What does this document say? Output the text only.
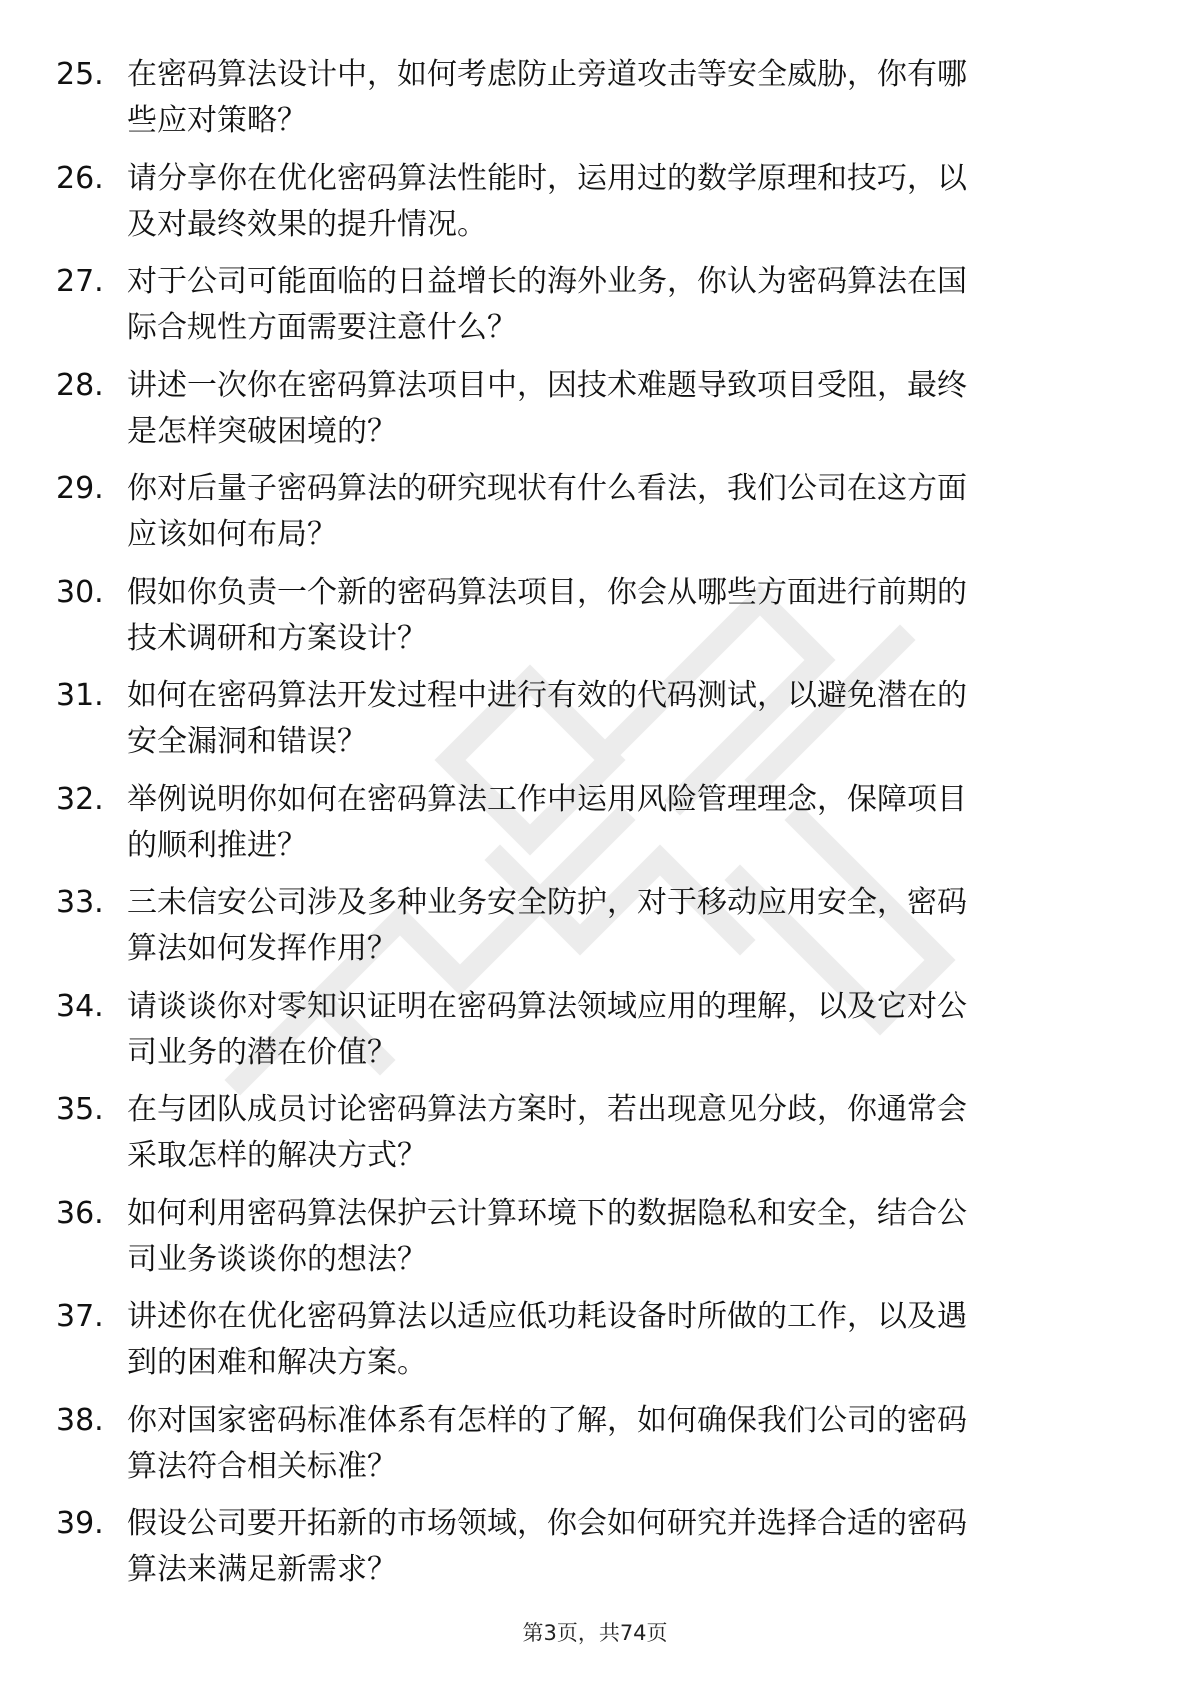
25. 在密码算法设计中，如何考虑防止旁道攻击等安全威胁，你有哪
些应对策略？
26. 请分享你在优化密码算法性能时，运用过的数学原理和技巧，以
及对最终效果的提升情况。
27. 对于公司可能面临的日益增长的海外业务，你认为密码算法在国
际合规性方面需要注意什么？
28. 讲述一次你在密码算法项目中，因技术难题导致项目受阻，最终
是怎样突破困境的？
29. 你对后量子密码算法的研究现状有什么看法，我们公司在这方面
应该如何布局？
30. 假如你负责一个新的密码算法项目，你会从哪些方面进行前期的
技术调研和方案设计？
31. 如何在密码算法开发过程中进行有效的代码测试，以避免潜在的
安全漏洞和错误？
32. 举例说明你如何在密码算法工作中运用风险管理理念，保障项目
的顺利推进？
33. 三未信安公司涉及多种业务安全防护，对于移动应用安全，密码
算法如何发挥作用？
34. 请谈谈你对零知识证明在密码算法领域应用的理解，以及它对公
司业务的潜在价值？
35. 在与团队成员讨论密码算法方案时，若出现意见分歧，你通常会
采取怎样的解决方式？
36. 如何利用密码算法保护云计算环境下的数据隐私和安全，结合公
司业务谈谈你的想法？
37. 讲述你在优化密码算法以适应低功耗设备时所做的工作，以及遇
到的困难和解决方案。
38. 你对国家密码标准体系有怎样的了解，如何确保我们公司的密码
算法符合相关标准？
39. 假设公司要开拓新的市场领域，你会如何研究并选择合适的密码
算法来满足新需求？
第3页，共74页
